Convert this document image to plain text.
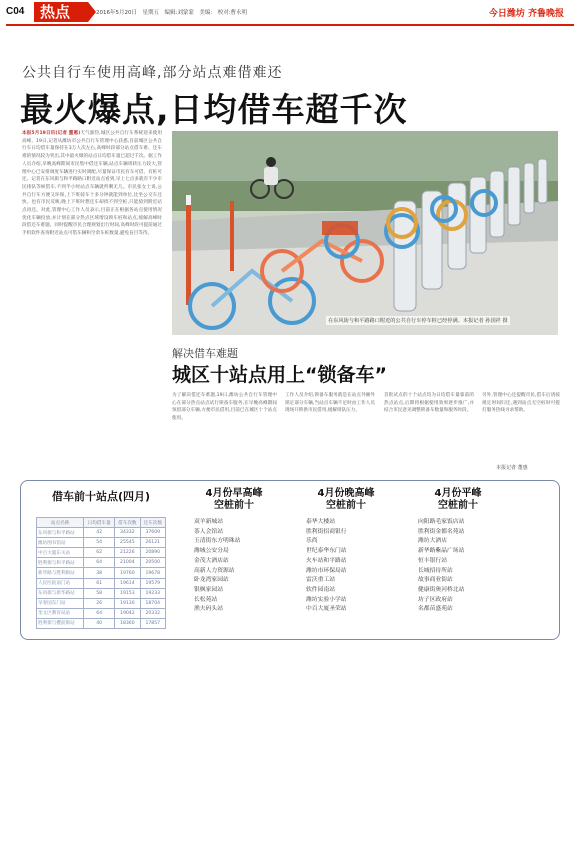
C04	热点	2016年5月20日　星期五　编辑:刘蒙蒙　美编:　校对:曹永明	今日潍坊 齐鲁晚报
公共自行车使用高峰,部分站点难借难还
最火爆点,日均借车超千次
本报5月19日讯(记者 董惠)天气渐热,城区公共自行车系统迎来使用高峰。19日,记者从潍坊市公共自行车管理中心获悉,目前城区公共自行车日均借车量保持在3万人次左右,高峰时段部分站点借车难、还车难的情况较为突出,其中最火爆的站点日均借车量已超过千次。据工作人员介绍,早晚高峰期间市民集中借还车辆,站点车辆周转压力较大,管理中心已安排调度车辆进行实时调配,尽量保证市民有车可借、有桩可还。记者在东风街与和平路路口附近站点看到,早上七点多就有不少市民排队等候借车,不到半小时站点车辆就所剩无几。市民张女士说,公共自行车方便又环保,上下班骑车十多分钟就能到单位,比坐公交车还快。也有市民反映,晚上下班时想还车却找不到空桩,只能骑到附近站点再还。对此,管理中心工作人员表示,目前正在根据各站点使用情况优化车辆投放,并计划在部分热点区域增设锁车桩和站点,缓解高峰时段借还车难题。同时提醒市民合理规划出行时间,高峰时段可提前通过手机软件查询附近站点可借车辆和空余车桩数量,避免盲目等待。
在东风街与和平路路口附近的公共自行车停车桩已经停满。本报记者 孙国祥 摄
解决借车难题
城区十站点用上“锁备车”
为了解决借还车难题,19日,潍坊公共自行车管理中心在部分热点站点试行锁备车服务,在早晚高峰期间预留部分车辆,方便市民借用,目前已在城区十个站点使用。
工作人员介绍,锁备车服务就是在站点外额外锁定部分车辆,当站点车辆不足时由工作人员现场开锁供市民借用,缓解排队压力。
首批试点的十个站点均为日均借车量靠前的热点站点,后期将根据使用效果逐步推广,并结合市民意见调整锁备车数量和服务时段。
另外,管理中心还提醒市民,借车后请按规定时间归还,遇到站点无空桩时可拨打服务热线寻求帮助。
本报记者 董惠
借车前十站点(四月)
站点名称	日均借车量	借车次数	还车次数
东风街与和平路站	42	34332	37609
潍坊图书馆站	54	25545	26121
中百大厦东关站	62	21226	20890
胜利街与和平路站	64	21004	20500
新华路与胜利街站	38	19760	19678
人民医院南门站	61	19614	19579
东风街与新华路站	58	19153	19233
早春园东门站	26	19130	18704
奎文区教育局站	64	19042	20332
胜利街与樱前街站	40	18360	17857
4月份早高峰
空桩前十
双羊新城站
茶人会馆站
玉清街东方明珠站
潍城公安分局
金茂大酒店站
高新人力资源站
卧龙湾家园站
银枫家园站
长松苑站
渔夫码头站
4月份晚高峰
空桩前十
泰华大楼站
胜利街招商银行
乐尚
世纪泰华东门站
火车站和平路站
潍坊市环保局站
雷沃重工站
软件园南站
潍坊实验小学站
中百大厦圣荣站
4月份平峰
空桩前十
向阳路毛家饭店站
胜利街金都名苑站
潍坊大酒店
新华路紫晶广场站
恒丰银行站
长城招待所站
故事商业街站
健康街奥河桥北站
坊子区政府站
名都苗盛苑站
